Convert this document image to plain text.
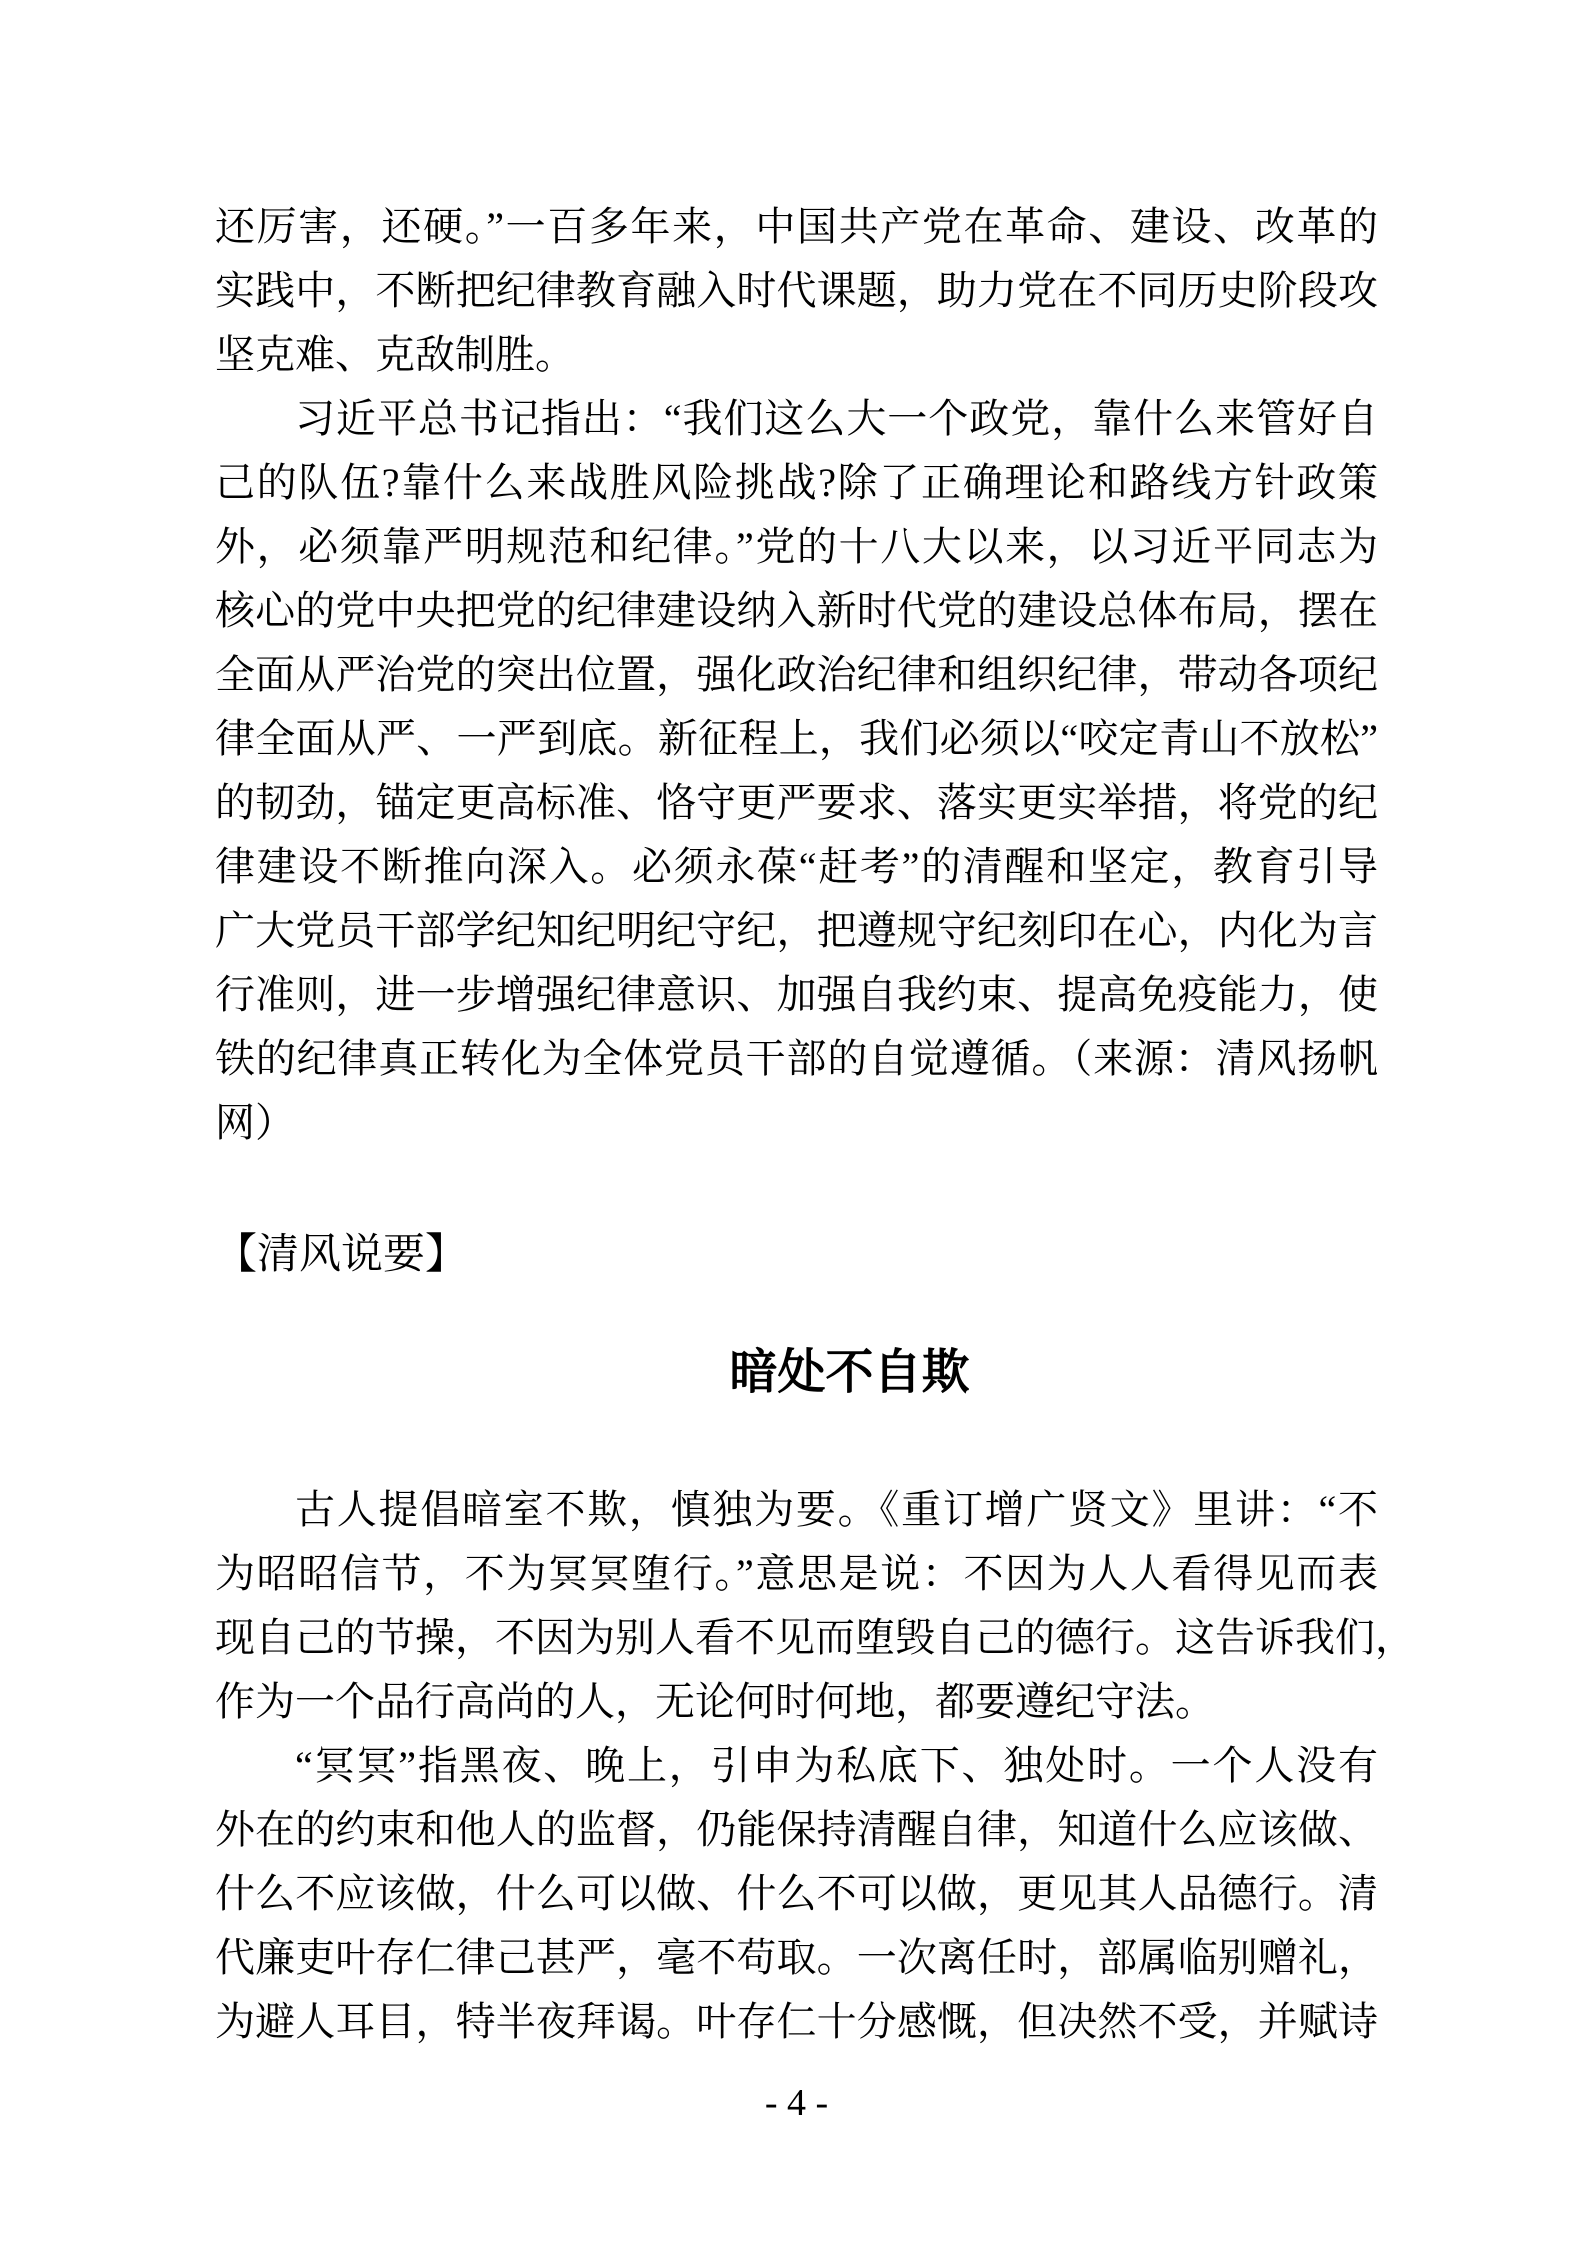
还厉害，还硬。”一百多年来，中国共产党在革命、建设、改革的
实践中，不断把纪律教育融入时代课题，助力党在不同历史阶段攻
坚克难、克敌制胜。
习近平总书记指出：“我们这么大一个政党，靠什么来管好自
己的队伍?靠什么来战胜风险挑战?除了正确理论和路线方针政策
外，必须靠严明规范和纪律。”党的十八大以来，以习近平同志为
核心的党中央把党的纪律建设纳入新时代党的建设总体布局，摆在
全面从严治党的突出位置，强化政治纪律和组织纪律，带动各项纪
律全面从严、一严到底。新征程上，我们必须以“咬定青山不放松”
的韧劲，锚定更高标准、恪守更严要求、落实更实举措，将党的纪
律建设不断推向深入。必须永葆“赶考”的清醒和坚定，教育引导
广大党员干部学纪知纪明纪守纪，把遵规守纪刻印在心，内化为言
行准则，进一步增强纪律意识、加强自我约束、提高免疫能力，使
铁的纪律真正转化为全体党员干部的自觉遵循。（来源：清风扬帆
网）
【清风说要】
暗处不自欺
古人提倡暗室不欺，慎独为要。《重订增广贤文》里讲：“不
为昭昭信节，不为冥冥堕行。”意思是说：不因为人人看得见而表
现自己的节操，不因为别人看不见而堕毁自己的德行。这告诉我们，
作为一个品行高尚的人，无论何时何地，都要遵纪守法。
“冥冥”指黑夜、晚上，引申为私底下、独处时。一个人没有
外在的约束和他人的监督，仍能保持清醒自律，知道什么应该做、
什么不应该做，什么可以做、什么不可以做，更见其人品德行。清
代廉吏叶存仁律己甚严，毫不苟取。一次离任时，部属临别赠礼，
为避人耳目，特半夜拜谒。叶存仁十分感慨，但决然不受，并赋诗
- 4 -
